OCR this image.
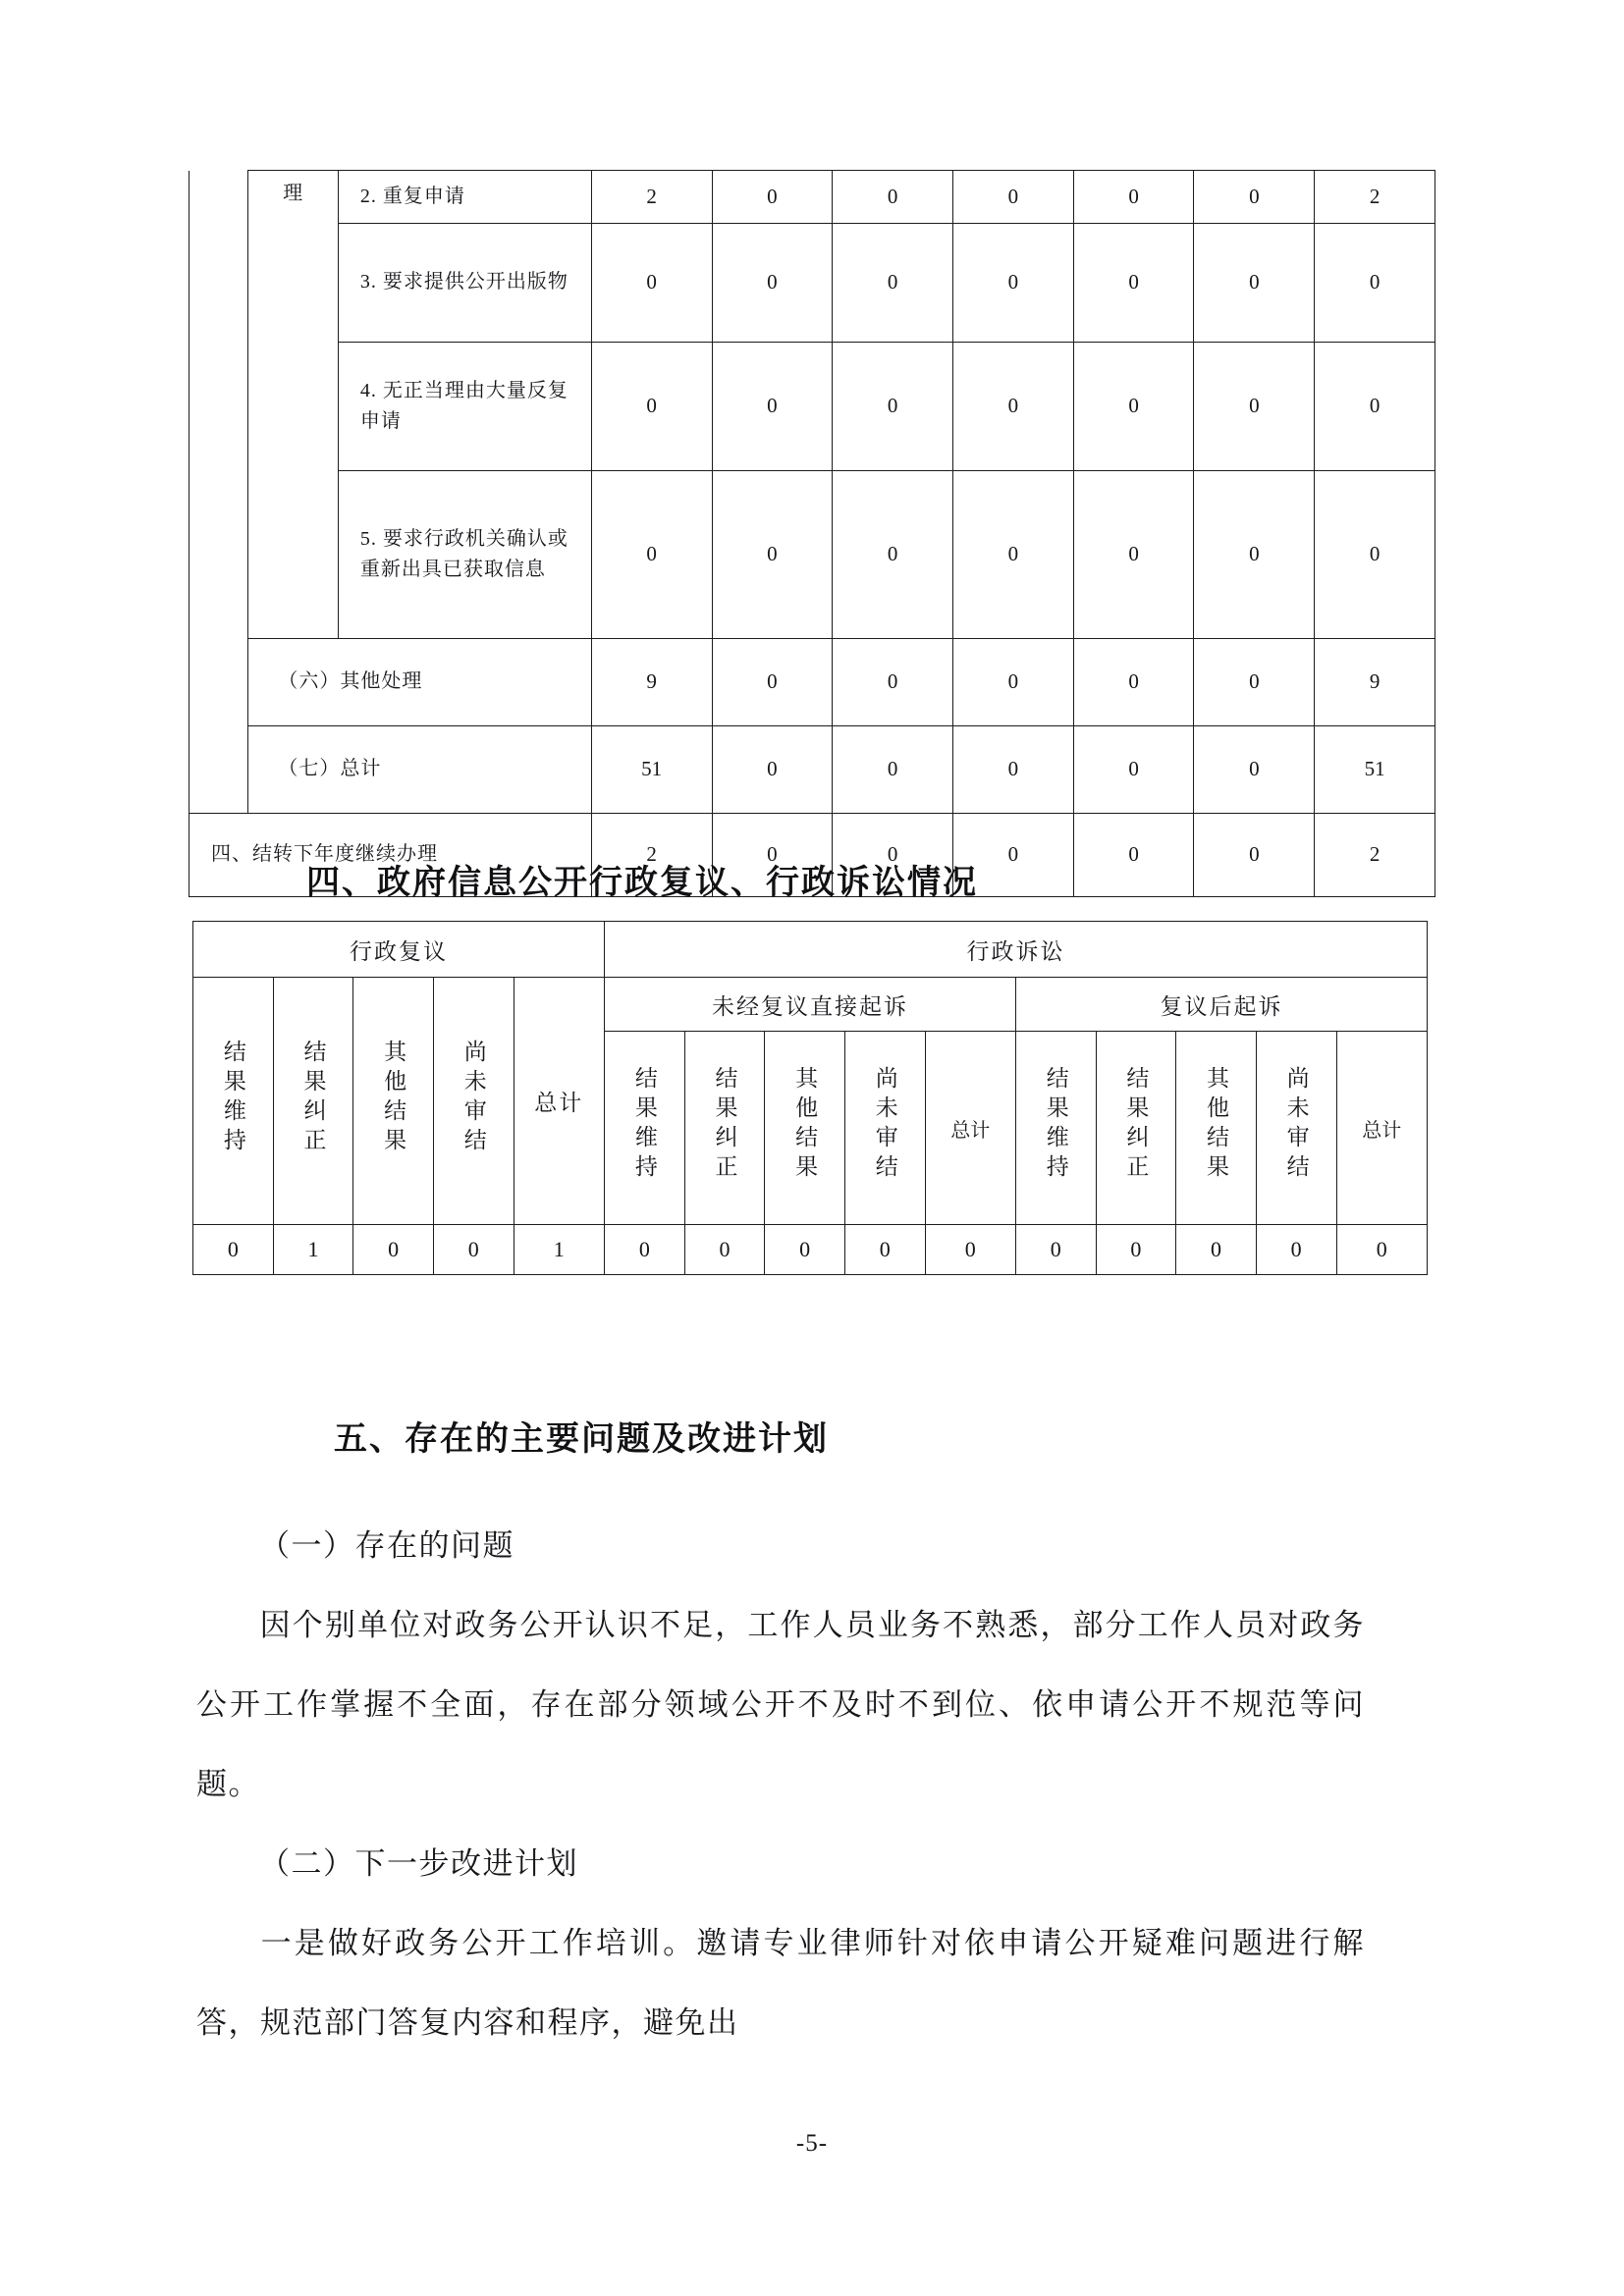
	理	2. 重复申请	2	0	0	0	0	0	2
		3. 要求提供公开出版物	0	0	0	0	0	0	0
		4. 无正当理由大量反复申请	0	0	0	0	0	0	0
		5. 要求行政机关确认或重新出具已获取信息	0	0	0	0	0	0	0
	（六）其他处理		9	0	0	0	0	0	9
	（七）总计		51	0	0	0	0	0	51
四、结转下年度继续办理			2	0	0	0	0	0	2
四、政府信息公开行政复议、行政诉讼情况
行政复议					行政诉讼									
结果维持	结果纠正	其他结果	尚未审结	总计	未经复议直接起诉					复议后起诉				
					结果维持	结果纠正	其他结果	尚未审结	总计	结果维持	结果纠正	其他结果	尚未审结	总计
0	1	0	0	1	0	0	0	0	0	0	0	0	0	0
五、存在的主要问题及改进计划
（一）存在的问题
因个别单位对政务公开认识不足，工作人员业务不熟悉，部分工作人员对政务公开工作掌握不全面，存在部分领域公开不及时不到位、依申请公开不规范等问题。
（二）下一步改进计划
一是做好政务公开工作培训。邀请专业律师针对依申请公开疑难问题进行解答，规范部门答复内容和程序，避免出
-5-
